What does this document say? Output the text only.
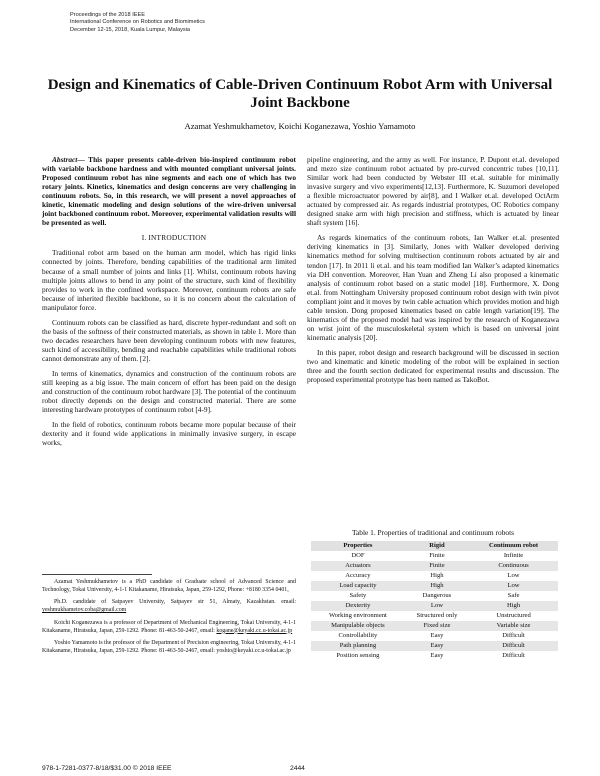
Proceedings of the 2018 IEEE
International Conference on Robotics and Biomimetics
December 12-15, 2018, Kuala Lumpur, Malaysia
Design and Kinematics of Cable-Driven Continuum Robot Arm with Universal Joint Backbone
Azamat Yeshmukhametov, Koichi Koganezawa, Yoshio Yamamoto
Abstract— This paper presents cable-driven bio-inspired continuum robot with variable backbone hardness and with mounted compliant universal joints. Proposed continuum robot has nine segments and each one of which has two rotary joints. Kinetics, kinematics and design concerns are very challenging in continuum robots. So, in this research, we will present a novel approaches of kinetic, kinematic modeling and design solutions of the wire-driven universal joint backboned continuum robot. Moreover, experimental validation results will be presented as well.

I. INTRODUCTION

Traditional robot arm based on the human arm model, which has rigid links connected by joints. Therefore, bending capabilities of the traditional arm limited because of a small number of joints and links [1]. Whilst, continuum robots having multiple joints allows to bend in any point of the structure, such kind of flexibility provides to work in the confined workspace. Moreover, continuum robots are safe because of inherited flexible backbone, so it is no concern about the calculation of manipulator force.

Continuum robots can be classified as hard, discrete hyper-redundant and soft on the basis of the softness of their constructed materials, as shown in table 1. More than two decades researchers have been developing continuum robots with new features, such kind of accessibility, bending and reachable capabilities while traditional robots cannot demonstrate any of them. [2].

In terms of kinematics, dynamics and construction of the continuum robots are still keeping as a big issue. The main concern of effort has been paid on the design and construction of the continuum robot hardware [3]. The potential of the continuum robot directly depends on the design and constructed material. There are some interesting hardware prototypes of continuum robot [4-9].

In the field of robotics, continuum robots became more popular because of their dexterity and it found wide applications in minimally invasive surgery, in escape works,

Azamat Yeshmukhametov is a PhD candidate of Graduate school of Advanced Science and Technology, Tokai University, 4-1-1 Kitakaname, Hiratsuka, Japan, 259-1292, Phone: +8180 3354 0401,

Ph.D. candidate of Satpayev University, Satpayev str 51, Almaty, Kazakhstan. email: yeshmukhametov.coba@gmail.com

Koichi Koganezawa is a professor of Department of Mechanical Engineering, Tokai University, 4-1-1 Kitakaname, Hiratsuka, Japan, 259-1292. Phone: 81-463-50-2467, email: kogane@keyaki.cc.u-tokai.ac.jp

Yoshio Yamamoto is the professor of the Department of Precision engineering, Tokai University, 4-1-1 Kitakaname, Hiratsuka, Japan, 259-1292. Phone: 81-463-50-2467, email: yoshio@keyaki.cc.u-tokai.ac.jp

pipeline engineering, and the army as well. For instance, P. Dupont et.al. developed and mezo size continuum robot actuated by pre-curved concentric tubes [10,11]. Similar work had been conducted by Webster III et.al. suitable for minimally invasive surgery and vivo experiments[12,13]. Furthermore, K. Suzumori developed a flexible microactuator powered by air[8], and I Walker et.al. developed OctArm actuated by compressed air. As regards industrial prototypes, OC Robotics company designed snake arm with high precision and stiffness, which is actuated by linear shaft system [16].

As regards kinematics of the continuum robots, Ian Walker et.al. presented deriving kinematics in [3]. Similarly, Jones with Walker developed deriving kinematics method for solving multisection continuum robots actuated by air and tendon [17]. In 2011 li et.al. and his team modified Ian Walker’s adapted kinematics via DH convention. Moreover, Han Yuan and Zheng Li also proposed a kinematic analysis of continuum robot based on a static model [18]. Furthermore, X. Dong et.al. from Nottingham University proposed continuum robot design with twin pivot compliant joint and it moves by twin cable actuation which provides motion and high cable tension. Dong proposed kinematics based on cable length variation[19]. The kinematics of the proposed model had was inspired by the research of Koganezawa on wrist joint of the musculoskeletal system which is based on universal joint kinematic analysis [20].

In this paper, robot design and research background will be discussed in section two and kinematic and kinetic modeling of the robot will be explained in section three and the fourth section dedicated for experimental results and discussion. The proposed experimental prototype has been named as TakoBot.

Table 1. Properties of traditional and continuum robots
Properties	Rigid	Continuum robot
DOF	Finite	Infinite
Actuators	Finite	Continuous
Accuracy	High	Low
Load capacity	High	Low
Safety	Dangerous	Safe
Dexterity	Low	High
Working environment	Structured only	Unstructured
Manipulable objects	Fixed size	Variable size
Controllability	Easy	Difficult
Path planning	Easy	Difficult
Position sensing	Easy	Difficult
978-1-7281-0377-8/18/$31.00 © 2018 IEEE	2444
